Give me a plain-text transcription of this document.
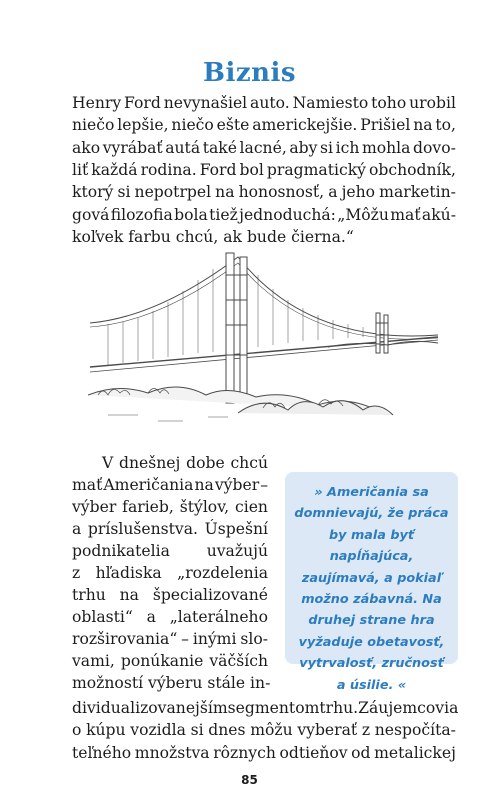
Biznis
Henry Ford nevynašiel auto. Namiesto toho urobil
niečo lepšie, niečo ešte americkejšie. Prišiel na to,
ako vyrábať autá také lacné, aby si ich mohla dovo-
liť každá rodina. Ford bol pragmatický obchodník,
ktorý si nepotrpel na honosnosť, a jeho marketin-
gová filozofia bola tiež jednoduchá: „Môžu mať akú-
koľvek farbu chcú, ak bude čierna.“
V dnešnej dobe chcú
mať Američania na výber –
výber farieb, štýlov, cien
a príslušenstva. Úspešní
podnikatelia uvažujú
z hľadiska „rozdelenia
trhu na špecializované
oblasti“ a „laterálneho
rozširovania“ – inými slo-
vami, ponúkanie väčších
možností výberu stále in-
» Američania sa
domnievajú, že práca
by mala byť
napĺňajúca,
zaujímavá, a pokiaľ
možno zábavná. Na
druhej strane hra
vyžaduje obetavosť,
vytrvalosť, zručnosť
a úsilie. «
dividualizovanejším segmentom trhu. Záujemcovia
o kúpu vozidla si dnes môžu vyberať z nespočíta-
teľného množstva rôznych odtieňov od metalickej
85
